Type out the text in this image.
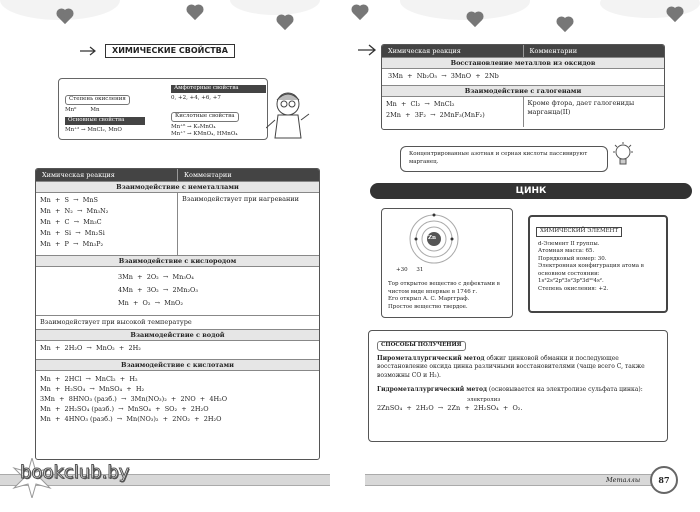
ХИМИЧЕСКИЕ СВОЙСТВА
Степень окисления
Mn⁰        Mn
Основные свойства
Mn⁺² → MnCl₂, MnO
Амфотерные свойства
0, +2, +4, +6, +7
Кислотные свойства
Mn⁺⁶ → K₂MnO₄
Mn⁺⁷ → KMnO₄, HMnO₄
Химическая реакция	Комментарии
Взаимодействие с неметаллами
Mn  +  S  →  MnS
Mn  +  N₂  →  Mn₃N₂
Mn  +  C  →  Mn₃C
Mn  +  Si  →  Mn₂Si
Mn  +  P  →  Mn₃P₂
Взаимодействует при нагревании
Взаимодействие с кислородом
3Mn  +  2O₂  →  Mn₃O₄
4Mn  +  3O₂  →  2Mn₂O₃
Mn  +  O₂  →  MnO₂
Взаимодействует при высокой температуре
Взаимодействие с водой
Mn  +  2H₂O  →  MnO₂  +  2H₂
Взаимодействие с кислотами
Mn  +  2HCl  →  MnCl₂  +  H₂
Mn  +  H₂SO₄  →  MnSO₄  +  H₂
3Mn  +  8HNO₃ (разб.)  →  3Mn(NO₃)₂  +  2NO  +  4H₂O
Mn  +  2H₂SO₄ (разб.)  →  MnSO₄  +  SO₂  +  2H₂O
Mn  +  4HNO₃ (разб.)  →  Mn(NO₃)₂  +  2NO₂  +  2H₂O
Химическая реакция	Комментарии
Восстановление металлов из оксидов
3Mn  +  Nb₂O₅  →  3MnO  +  2Nb
Взаимодействие с галогенами
Mn  +  Cl₂  →  MnCl₂
2Mn  +  3F₂  →  2MnF₃(MnF₂)
Кроме фтора, дает галогениды марганца(II)
Концентрированные азотная и серная кислоты пассивируют марганец.
ЦИНК
Zn
+30     31
Тор открытое вещество с дефектами в чистом виде впервые в 1746 г.
Его открыл А. С. Маргграф.
Простое вещество твердое.
ХИМИЧЕСКИЙ ЭЛЕМЕНТ
d-Элемент II группы.
Атомная масса: 65.
Порядковый номер: 30.
Электронная конфигурация атома в основном состоянии:
1s²2s²2p⁶3s²3p⁶3d¹⁰4s².
Степень окисления: +2.
СПОСОБЫ ПОЛУЧЕНИЯ
Пирометаллургический метод обжиг цинковой обманки и последующее восстановление оксида цинка различными восстановителями (чаще всего C, также возможны CO и H₂).
Гидрометаллургический метод (основывается на электролизе сульфата цинка):
электролиз
2ZnSO₄  +  2H₂O  →  2Zn  +  2H₂SO₄  +  O₂.
bookclub.by	Металлы	87
